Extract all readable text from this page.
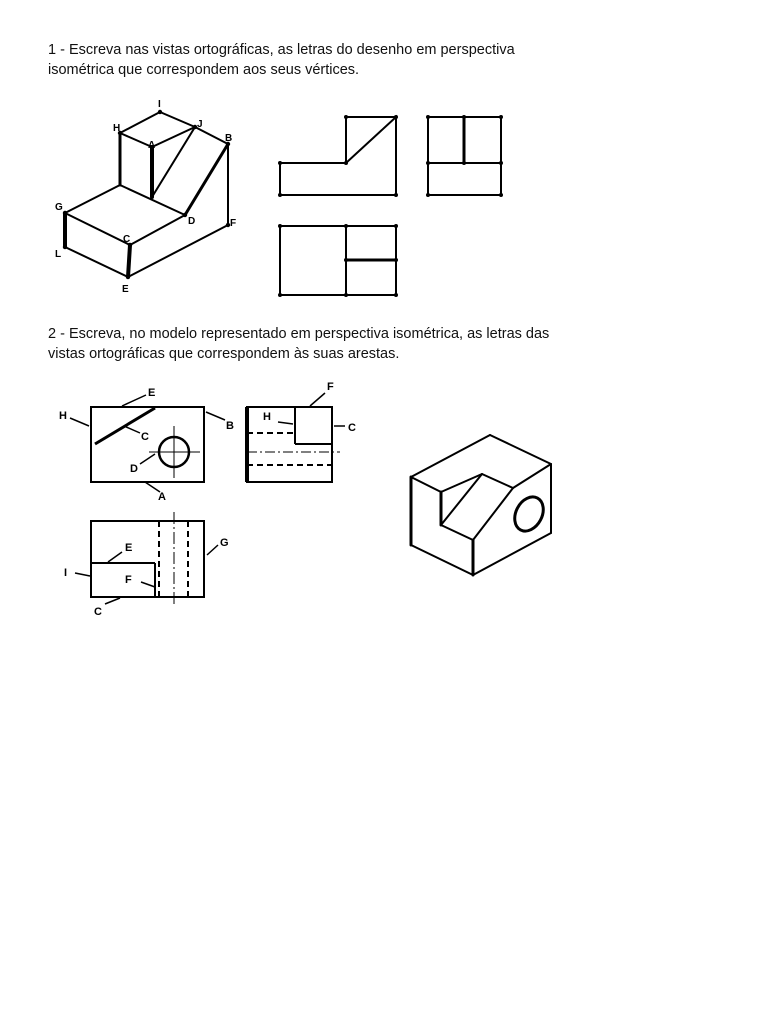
1 - Escreva nas vistas ortográficas, as letras do desenho em perspectiva
isométrica que correspondem aos seus vértices.

2 - Escreva, no modelo representado em perspectiva isométrica, as letras das
vistas ortográficas que correspondem às suas arestas.

I
H	J
A
B
G
D	F
C
L
E
E
H
B
C
D
A
F
H
C
E	G
I
F
C
